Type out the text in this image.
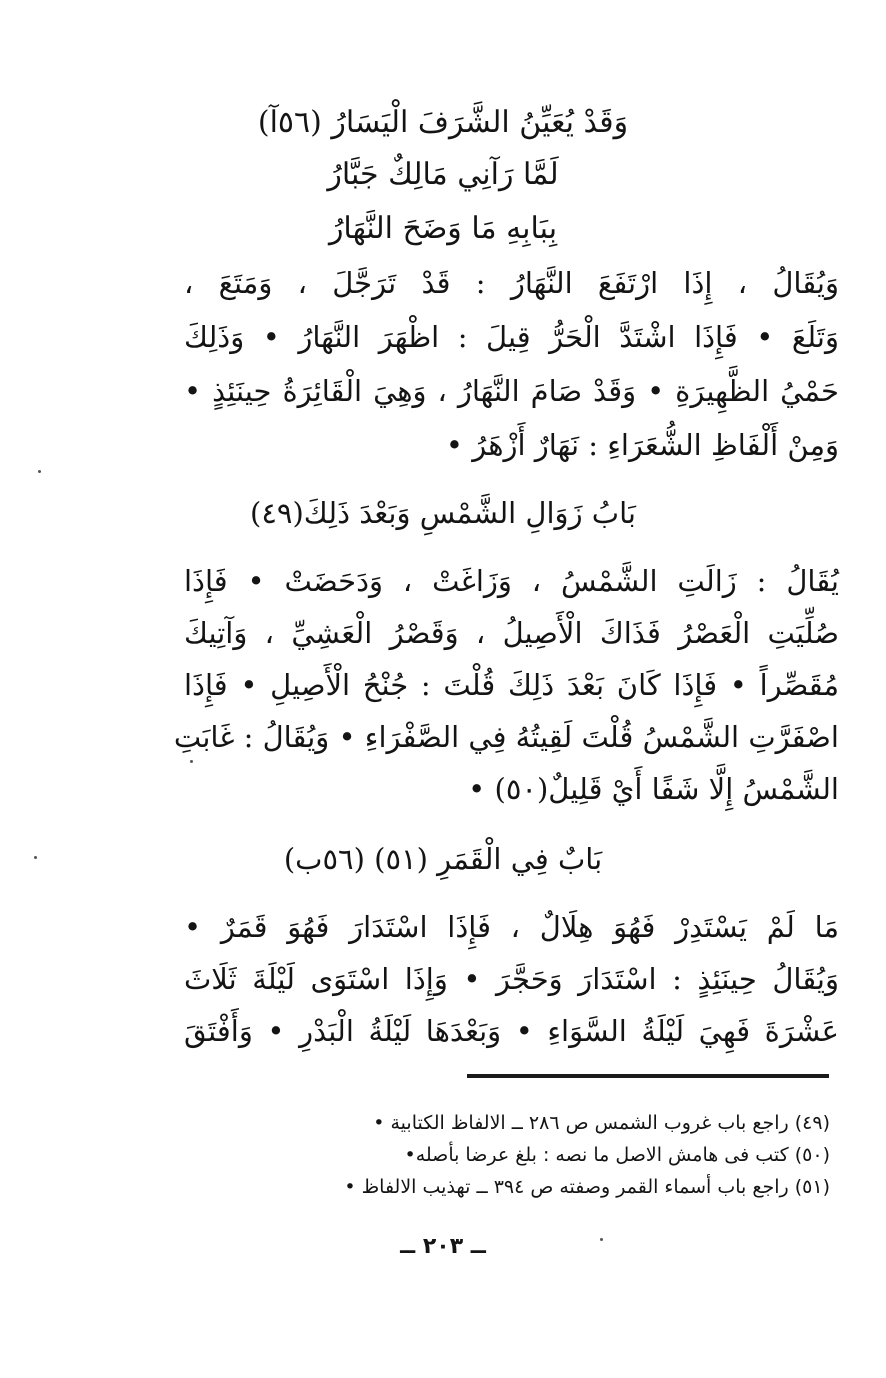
وَقَدْ يُعَيِّنُ الشَّرَفَ الْيَسَارُ (٥٦آ)
لَمَّا رَآنِي مَالِكٌ جَبَّارُ
بِبَابِهِ مَا وَضَحَ النَّهَارُ
وَيُقَالُ ، إِذَا ارْتَفَعَ النَّهَارُ : قَدْ تَرَجَّلَ ، وَمَتَعَ ،
وَتَلَعَ • فَإِذَا اشْتَدَّ الْحَرُّ قِيلَ : اظْهَرَ النَّهَارُ • وَذَلِكَ
حَمْيُ الظَّهِيرَةِ • وَقَدْ صَامَ النَّهَارُ ، وَهِيَ الْقَائِرَةُ حِينَئِذٍ •
وَمِنْ أَلْفَاظِ الشُّعَرَاءِ : نَهَارٌ أَزْهَرُ •
بَابُ زَوَالِ الشَّمْسِ وَبَعْدَ ذَلِكَ(٤٩)
يُقَالُ : زَالَتِ الشَّمْسُ ، وَزَاغَتْ ، وَدَحَضَتْ • فَإِذَا
صُلِّيَتِ الْعَصْرُ فَذَاكَ الْأَصِيلُ ، وَقَصْرُ الْعَشِيِّ ، وَآتِيكَ
مُقَصِّراً • فَإِذَا كَانَ بَعْدَ ذَلِكَ قُلْتَ : جُنْحُ الْأَصِيلِ • فَإِذَا
اصْفَرَّتِ الشَّمْسُ قُلْتَ لَقِيتُهُ فِي الصَّفْرَاءِ • وَيُقَالُ : غَابَتِ
الشَّمْسُ إِلَّا شَفًا أَيْ قَلِيلٌ(٥٠) •
بَابٌ فِي الْقَمَرِ (٥١) (٥٦ب)
مَا لَمْ يَسْتَدِرْ فَهُوَ هِلَالٌ ، فَإِذَا اسْتَدَارَ فَهُوَ قَمَرٌ •
وَيُقَالُ حِينَئِذٍ : اسْتَدَارَ وَحَجَّرَ • وَإِذَا اسْتَوَى لَيْلَةَ ثَلَاثَ
عَشْرَةَ فَهِيَ لَيْلَةُ السَّوَاءِ • وَبَعْدَهَا لَيْلَةُ الْبَدْرِ • وَأَفْتَقَ
(٤٩) راجع باب غروب الشمس ص ٢٨٦ ــ الالفاظ الكتابية •
(٥٠) كتب فى هامش الاصل ما نصه : بلغ عرضا بأصله•
(٥١) راجع باب أسماء القمر وصفته ص ٣٩٤ ــ تهذيب الالفاظ •
ــ ٢٠٣ ــ
